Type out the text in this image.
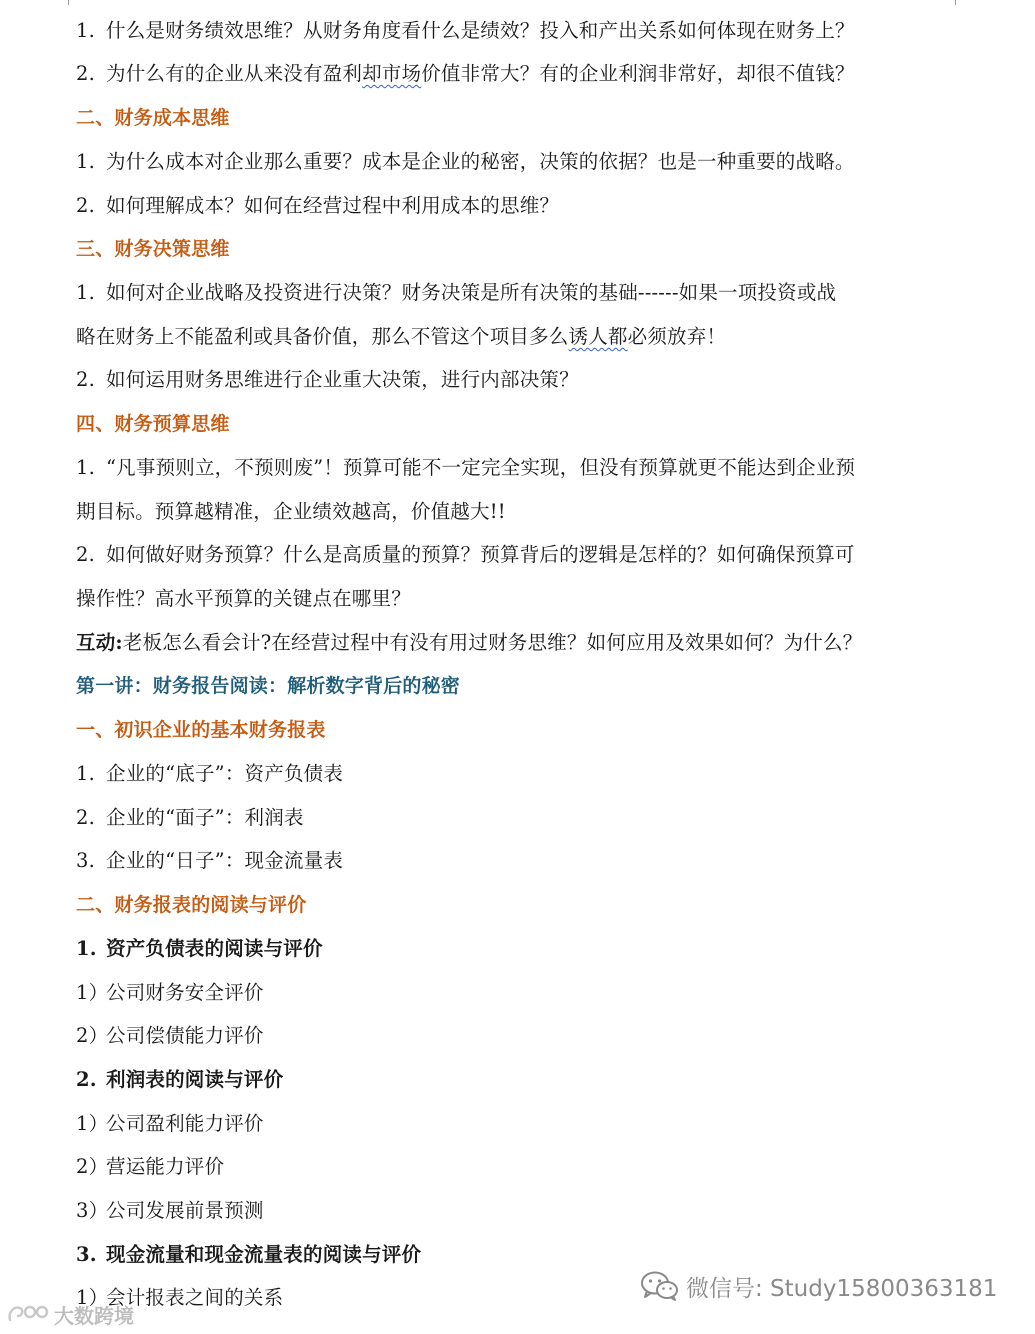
1. 什么是财务绩效思维？从财务角度看什么是绩效？投入和产出关系如何体现在财务上？
2. 为什么有的企业从来没有盈利却市场价值非常大？有的企业利润非常好，却很不值钱？
二、财务成本思维
1. 为什么成本对企业那么重要？成本是企业的秘密，决策的依据？也是一种重要的战略。
2. 如何理解成本？如何在经营过程中利用成本的思维？
三、财务决策思维
1. 如何对企业战略及投资进行决策？财务决策是所有决策的基础------如果一项投资或战
略在财务上不能盈利或具备价值，那么不管这个项目多么诱人都必须放弃！
2. 如何运用财务思维进行企业重大决策，进行内部决策？
四、财务预算思维
1. “凡事预则立，不预则废”！预算可能不一定完全实现，但没有预算就更不能达到企业预
期目标。预算越精准，企业绩效越高，价值越大!!
2. 如何做好财务预算？什么是高质量的预算？预算背后的逻辑是怎样的？如何确保预算可
操作性？高水平预算的关键点在哪里？
互动:老板怎么看会计?在经营过程中有没有用过财务思维？如何应用及效果如何？为什么？
第一讲：财务报告阅读：解析数字背后的秘密
一、初识企业的基本财务报表
1. 企业的“底子”：资产负债表
2. 企业的“面子”：利润表
3. 企业的“日子”：现金流量表
二、财务报表的阅读与评价
1. 资产负债表的阅读与评价
1）公司财务安全评价
2）公司偿债能力评价
2. 利润表的阅读与评价
1）公司盈利能力评价
2）营运能力评价
3）公司发展前景预测
3. 现金流量和现金流量表的阅读与评价
1）会计报表之间的关系	微信号: Study15800363181
大数跨境
